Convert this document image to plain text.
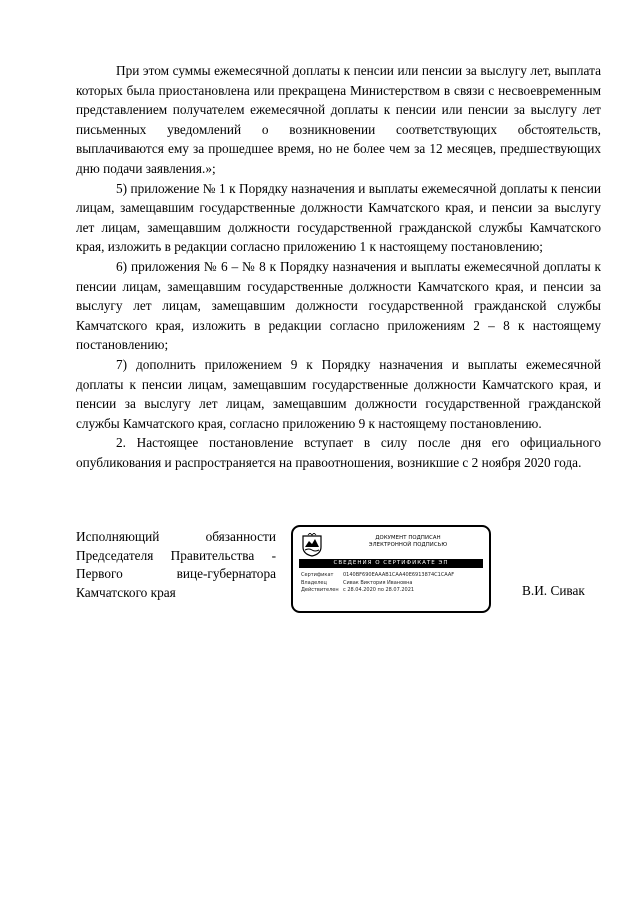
При этом суммы ежемесячной доплаты к пенсии или пенсии за выслугу лет, выплата которых была приостановлена или прекращена Министерством в связи с несвоевременным представлением получателем ежемесячной доплаты к пенсии или пенсии за выслугу лет письменных уведомлений о возникновении соответствующих обстоятельств, выплачиваются ему за прошедшее время, но не более чем за 12 месяцев, предшествующих дню подачи заявления.»;

5) приложение № 1 к Порядку назначения и выплаты ежемесячной доплаты к пенсии лицам, замещавшим государственные должности Камчатского края, и пенсии за выслугу лет лицам, замещавшим должности государственной гражданской службы Камчатского края, изложить в редакции согласно приложению 1 к настоящему постановлению;

6) приложения № 6 – № 8 к Порядку назначения и выплаты ежемесячной доплаты к пенсии лицам, замещавшим государственные должности Камчатского края, и пенсии за выслугу лет лицам, замещавшим должности государственной гражданской службы Камчатского края, изложить в редакции согласно приложениям 2 – 8 к настоящему постановлению;

7) дополнить приложением 9 к Порядку назначения и выплаты ежемесячной доплаты к пенсии лицам, замещавшим государственные должности Камчатского края, и пенсии за выслугу лет лицам, замещавшим должности государственной гражданской службы Камчатского края, согласно приложению 9 к настоящему постановлению.

2. Настоящее постановление вступает в силу после дня его официального опубликования и распространяется на правоотношения, возникшие с 2 ноября 2020 года.

Исполняющий обязанности
Председателя Правительства -
Первого вице-губернатора
Камчатского края
ДОКУМЕНТ ПОДПИСАН
ЭЛЕКТРОННОЙ ПОДПИСЬЮ
СВЕДЕНИЯ О СЕРТИФИКАТЕ ЭП
Сертификат	0140BF690EAAAB1CAA40E6913874C1CAAF
Владелец	Сивак Виктория Ивановна
Действителен с 28.04.2020 по 28.07.2021	В.И. Сивак
